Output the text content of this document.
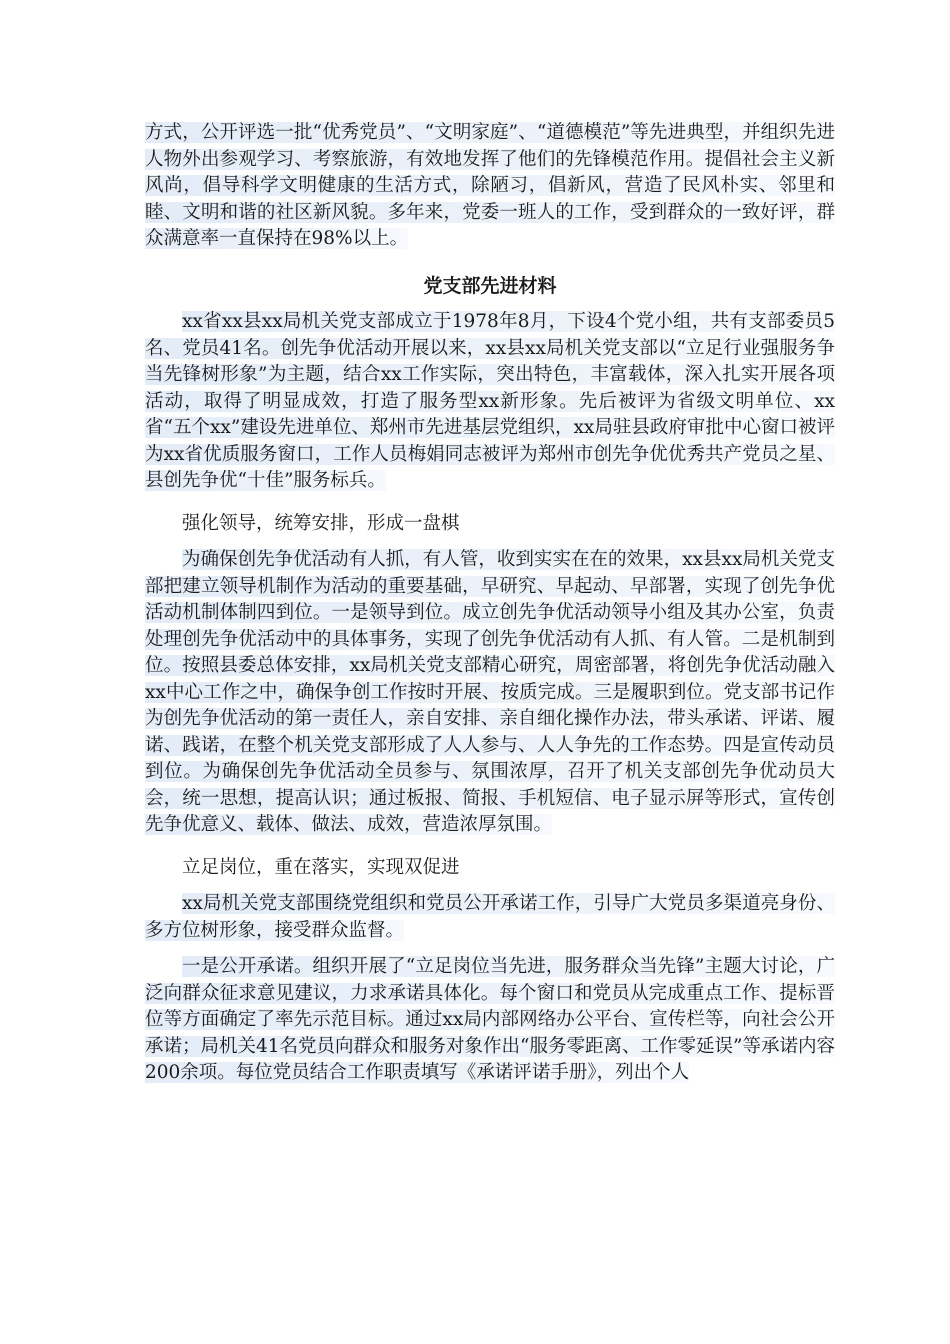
方式，公开评选一批“优秀党员”、“文明家庭”、“道德模范”等先进典型，并组织先进人物外出参观学习、考察旅游，有效地发挥了他们的先锋模范作用。提倡社会主义新风尚，倡导科学文明健康的生活方式，除陋习，倡新风，营造了民风朴实、邻里和睦、文明和谐的社区新风貌。多年来，党委一班人的工作，受到群众的一致好评，群众满意率一直保持在98%以上。

党支部先进材料

xx省xx县xx局机关党支部成立于1978年8月，下设4个党小组，共有支部委员5名、党员41名。创先争优活动开展以来，xx县xx局机关党支部以“立足行业强服务争当先锋树形象”为主题，结合xx工作实际，突出特色，丰富载体，深入扎实开展各项活动，取得了明显成效，打造了服务型xx新形象。先后被评为省级文明单位、xx省“五个xx”建设先进单位、郑州市先进基层党组织，xx局驻县政府审批中心窗口被评为xx省优质服务窗口，工作人员梅娟同志被评为郑州市创先争优优秀共产党员之星、县创先争优“十佳”服务标兵。

强化领导，统筹安排，形成一盘棋

为确保创先争优活动有人抓，有人管，收到实实在在的效果，xx县xx局机关党支部把建立领导机制作为活动的重要基础，早研究、早起动、早部署，实现了创先争优活动机制体制四到位。一是领导到位。成立创先争优活动领导小组及其办公室，负责处理创先争优活动中的具体事务，实现了创先争优活动有人抓、有人管。二是机制到位。按照县委总体安排，xx局机关党支部精心研究，周密部署，将创先争优活动融入xx中心工作之中，确保争创工作按时开展、按质完成。三是履职到位。党支部书记作为创先争优活动的第一责任人，亲自安排、亲自细化操作办法，带头承诺、评诺、履诺、践诺，在整个机关党支部形成了人人参与、人人争先的工作态势。四是宣传动员到位。为确保创先争优活动全员参与、氛围浓厚，召开了机关支部创先争优动员大会，统一思想，提高认识；通过板报、简报、手机短信、电子显示屏等形式，宣传创先争优意义、载体、做法、成效，营造浓厚氛围。

立足岗位，重在落实，实现双促进

xx局机关党支部围绕党组织和党员公开承诺工作，引导广大党员多渠道亮身份、多方位树形象，接受群众监督。

一是公开承诺。组织开展了“立足岗位当先进，服务群众当先锋”主题大讨论，广泛向群众征求意见建议，力求承诺具体化。每个窗口和党员从完成重点工作、提标晋位等方面确定了率先示范目标。通过xx局内部网络办公平台、宣传栏等，向社会公开承诺；局机关41名党员向群众和服务对象作出“服务零距离、工作零延误”等承诺内容200余项。每位党员结合工作职责填写《承诺评诺手册》，列出个人
